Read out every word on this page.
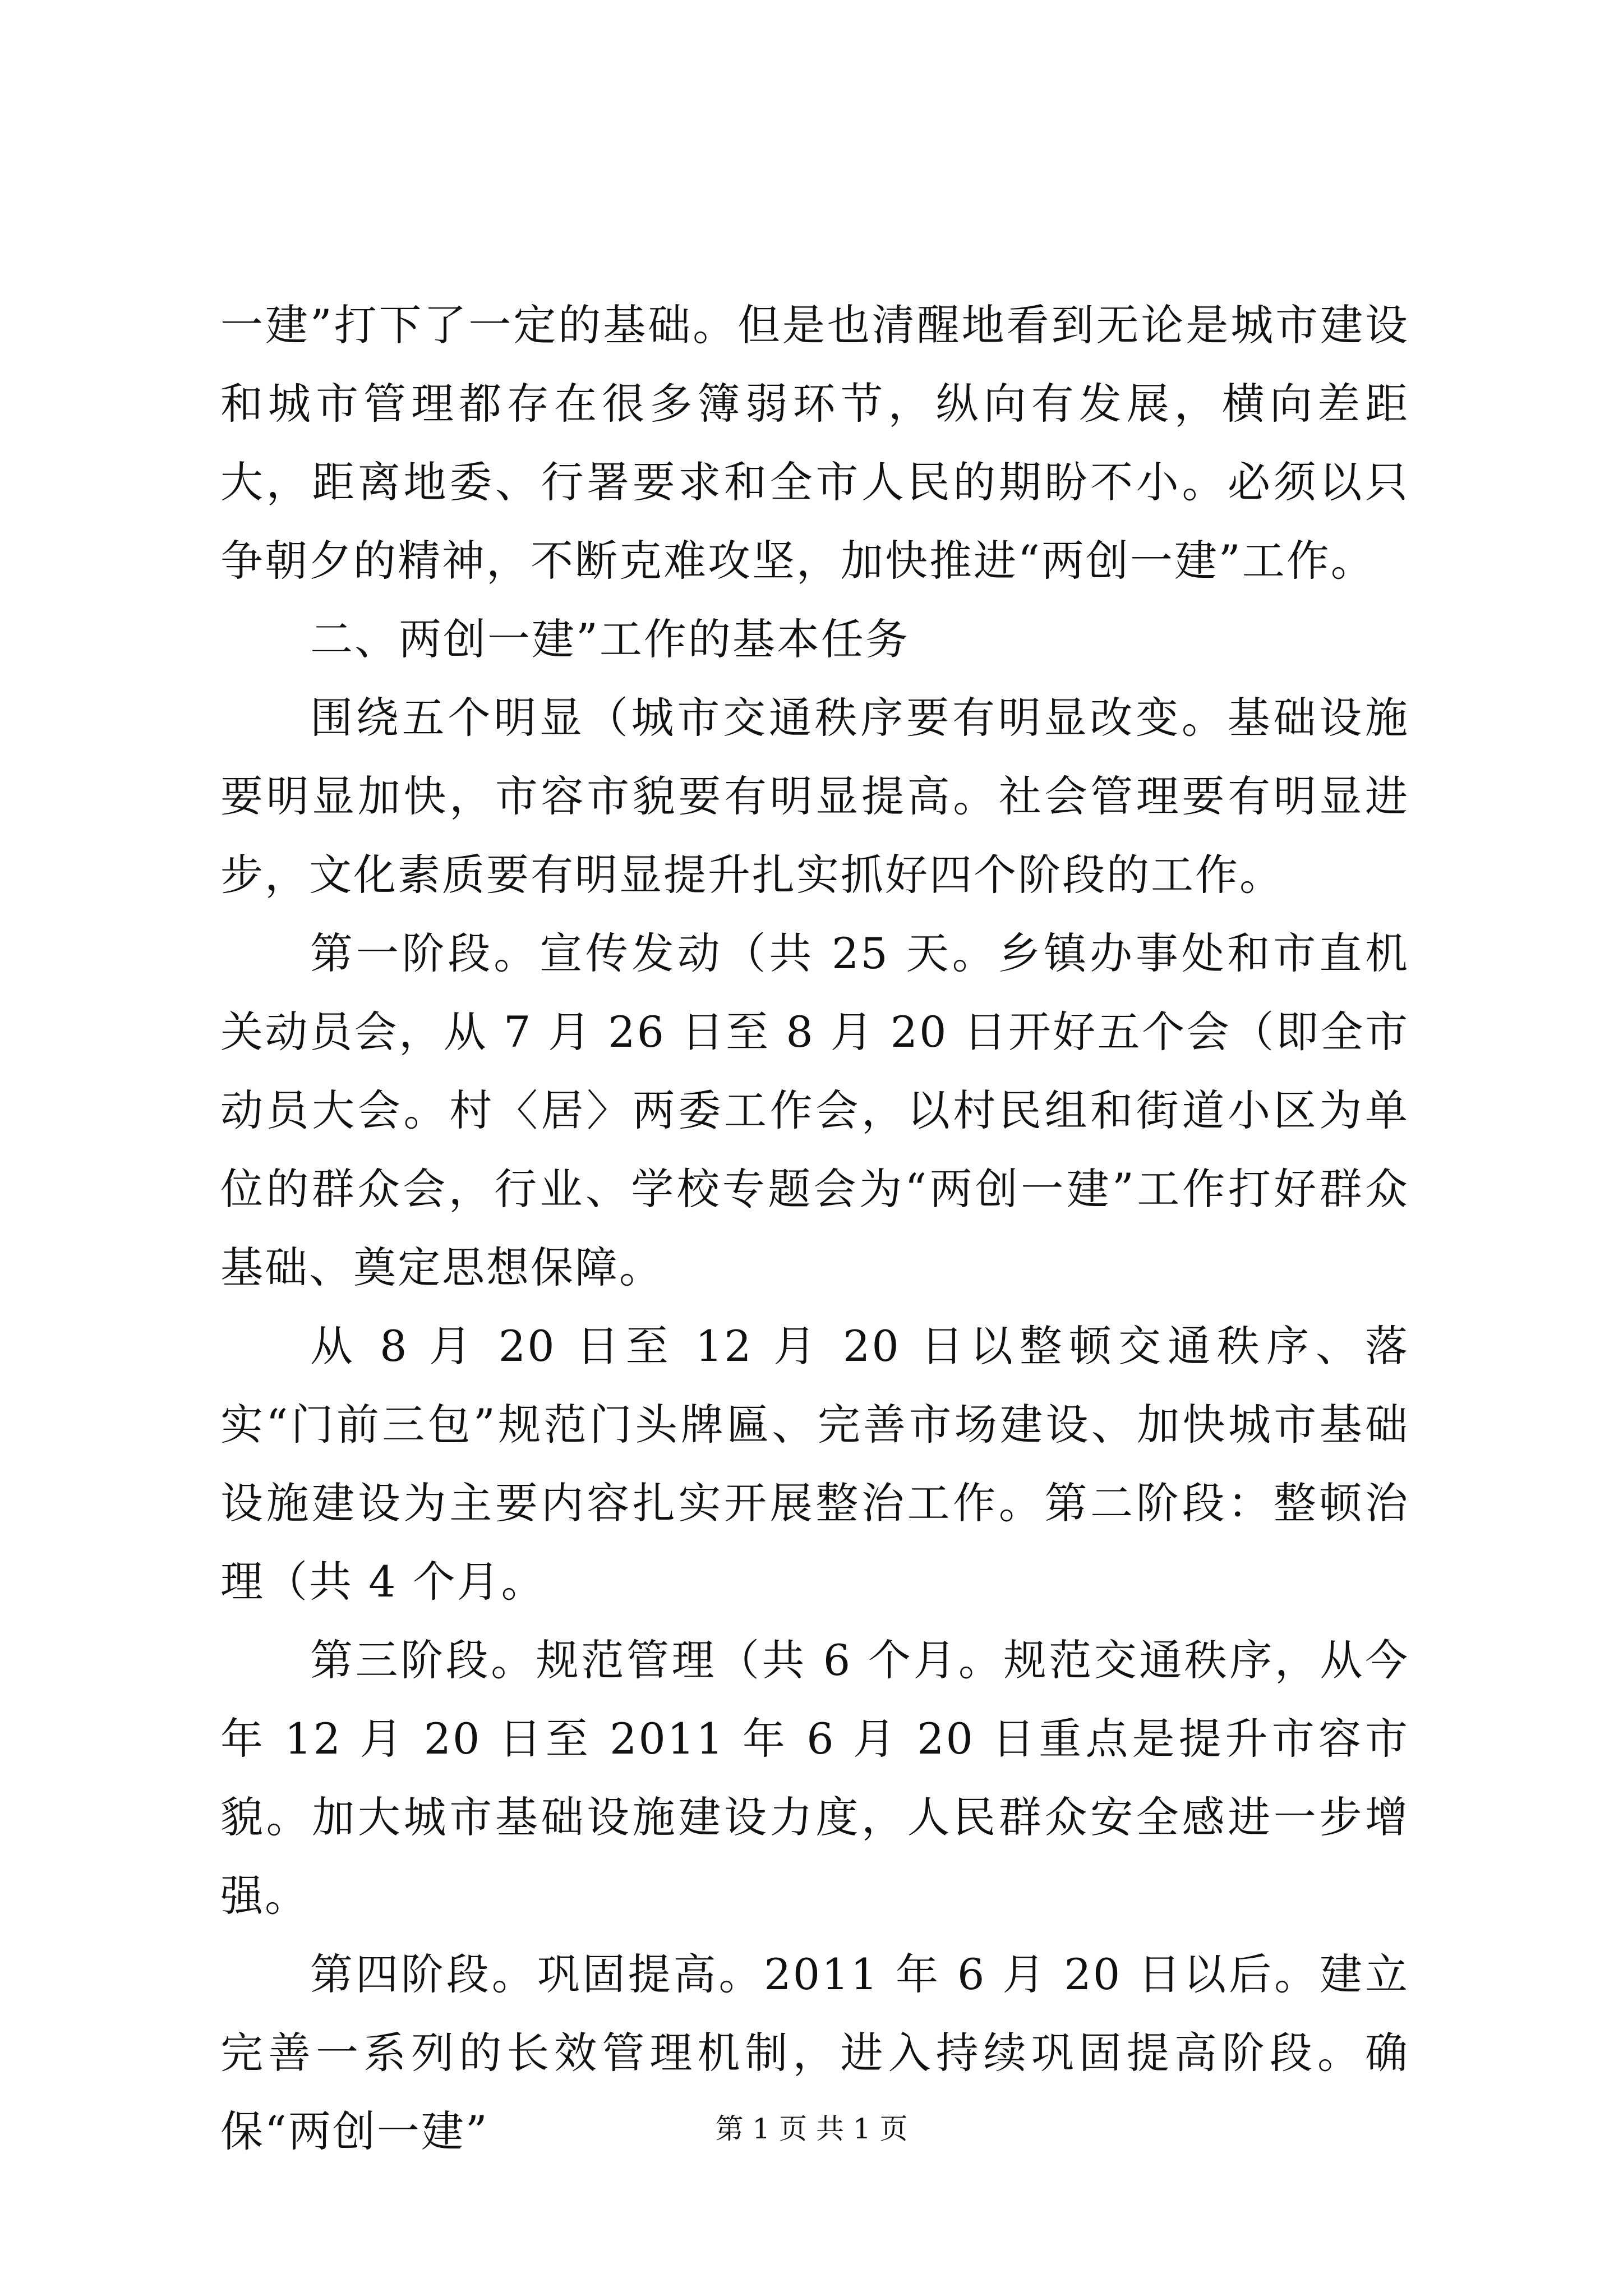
一建”打下了一定的基础。但是也清醒地看到无论是城市建设和城市管理都存在很多簿弱环节，纵向有发展，横向差距大，距离地委、行署要求和全市人民的期盼不小。必须以只争朝夕的精神，不断克难攻坚，加快推进“两创一建”工作。

二、两创一建”工作的基本任务

围绕五个明显（城市交通秩序要有明显改变。基础设施要明显加快，市容市貌要有明显提高。社会管理要有明显进步，文化素质要有明显提升扎实抓好四个阶段的工作。

第一阶段。宣传发动（共 25 天。乡镇办事处和市直机关动员会，从 7 月 26 日至 8 月 20 日开好五个会（即全市动员大会。村〈居〉两委工作会，以村民组和街道小区为单位的群众会，行业、学校专题会为“两创一建”工作打好群众基础、奠定思想保障。

从 8 月 20 日至 12 月 20 日以整顿交通秩序、落实“门前三包”规范门头牌匾、完善市场建设、加快城市基础设施建设为主要内容扎实开展整治工作。第二阶段：整顿治理（共 4 个月。

第三阶段。规范管理（共 6 个月。规范交通秩序，从今年 12 月 20 日至 2011 年 6 月 20 日重点是提升市容市貌。加大城市基础设施建设力度，人民群众安全感进一步增强。

第四阶段。巩固提高。2011 年 6 月 20 日以后。建立完善一系列的长效管理机制，进入持续巩固提高阶段。确保“两创一建”	第 1 页 共 1 页
